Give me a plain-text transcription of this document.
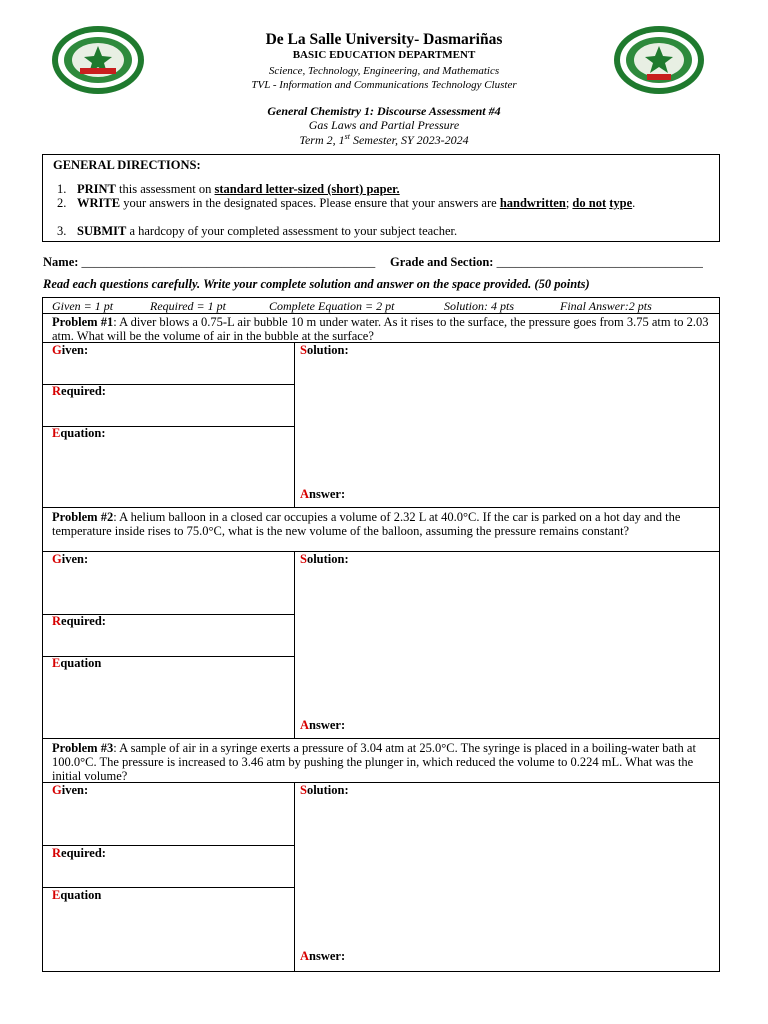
De La Salle University- Dasmariñas
BASIC EDUCATION DEPARTMENT
Science, Technology, Engineering, and Mathematics
TVL - Information and Communications Technology Cluster
General Chemistry 1: Discourse Assessment #4
Gas Laws and Partial Pressure
Term 2, 1st Semester, SY 2023-2024
GENERAL DIRECTIONS:
1. PRINT this assessment on standard letter-sized (short) paper.
2. WRITE your answers in the designated spaces. Please ensure that your answers are handwritten; do not type.
3. SUBMIT a hardcopy of your completed assessment to your subject teacher.
Name: _______________________________________________ Grade and Section: _________________________________
Read each questions carefully. Write your complete solution and answer on the space provided. (50 points)
Given = 1 pt	Required = 1 pt	Complete Equation = 2 pt	Solution: 4 pts	Final Answer:2 pts
Problem #1: A diver blows a 0.75-L air bubble 10 m under water. As it rises to the surface, the pressure goes from 3.75 atm to 2.03 atm. What will be the volume of air in the bubble at the surface?
Given:
Required:
Equation:
Solution:
Answer:
Problem #2: A helium balloon in a closed car occupies a volume of 2.32 L at 40.0°C. If the car is parked on a hot day and the temperature inside rises to 75.0°C, what is the new volume of the balloon, assuming the pressure remains constant?
Given:
Required:
Equation
Solution:
Answer:
Problem #3: A sample of air in a syringe exerts a pressure of 3.04 atm at 25.0°C. The syringe is placed in a boiling-water bath at 100.0°C. The pressure is increased to 3.46 atm by pushing the plunger in, which reduced the volume to 0.224 mL. What was the initial volume?
Given:
Required:
Equation
Solution:
Answer:
